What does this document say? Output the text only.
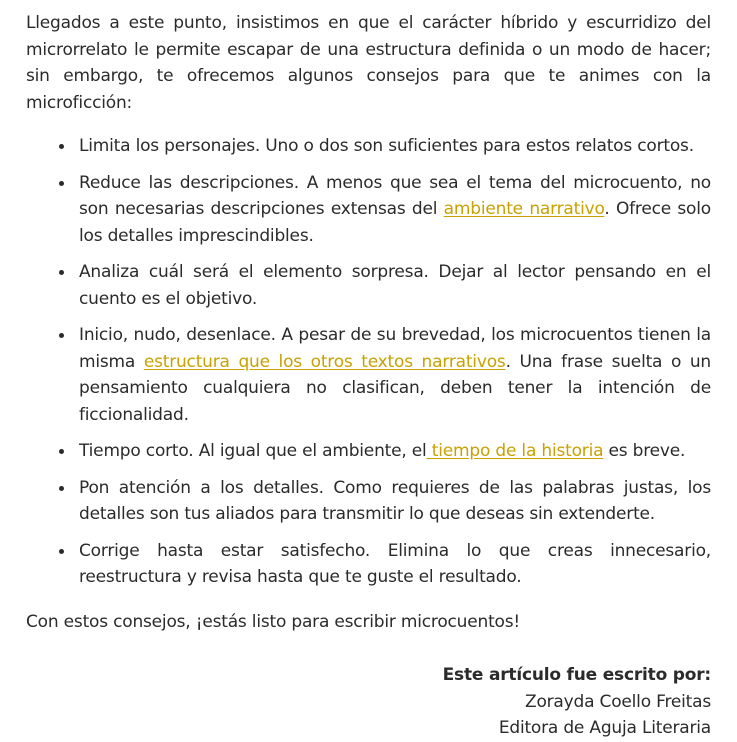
Llegados a este punto, insistimos en que el carácter híbrido y escurridizo del microrrelato le permite escapar de una estructura definida o un modo de hacer; sin embargo, te ofrecemos algunos consejos para que te animes con la microficción:

Limita los personajes. Uno o dos son suficientes para estos relatos cortos.
Reduce las descripciones. A menos que sea el tema del microcuento, no son necesarias descripciones extensas del ambiente narrativo. Ofrece solo los detalles imprescindibles.
Analiza cuál será el elemento sorpresa. Dejar al lector pensando en el cuento es el objetivo.
Inicio, nudo, desenlace. A pesar de su brevedad, los microcuentos tienen la misma estructura que los otros textos narrativos. Una frase suelta o un pensamiento cualquiera no clasifican, deben tener la intención de ficcionalidad.
Tiempo corto. Al igual que el ambiente, el tiempo de la historia es breve.
Pon atención a los detalles. Como requieres de las palabras justas, los detalles son tus aliados para transmitir lo que deseas sin extenderte.
Corrige hasta estar satisfecho. Elimina lo que creas innecesario, reestructura y revisa hasta que te guste el resultado.

Con estos consejos, ¡estás listo para escribir microcuentos!

Este artículo fue escrito por:
Zorayda Coello Freitas
Editora de Aguja Literaria
